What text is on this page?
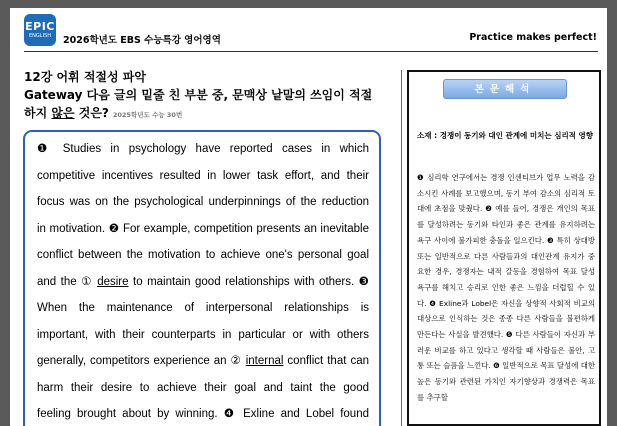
EPIC
ENGLISH	2026학년도 EBS 수능특강 영어영역	Practice makes perfect!
12강 어휘 적절성 파악
Gateway 다음 글의 밑줄 친 부분 중, 문맥상 낱말의 쓰임이 적절
하지 않은 것은? 2025학년도 수능 30번

❶ Studies in psychology have reported cases in which

competitive incentives resulted in lower task effort, and their

focus was on the psychological underpinnings of the reduction

in motivation. ❷ For example, competition presents an inevitable

conflict between the motivation to achieve one's personal goal

and the ① desire to maintain good relationships with others. ❸

When the maintenance of interpersonal relationships is

important, with their counterparts in particular or with others

generally, competitors experience an ② internal conflict that can

harm their desire to achieve their goal and taint the good

feeling brought about by winning. ❹ Exline and Lobel found

본문해석
소재 : 경쟁이 동기와 대인 관계에 미치는 심리적 영향
❶ 심리학 연구에서는 경쟁 인센티브가 업무 노력을 감소시킨 사례를 보고했으며, 동기 부여 감소의 심리적 토대에 초점을 맞췄다. ❷ 예를 들어, 경쟁은 개인의 목표를 달성하려는 동기와 타인과 좋은 관계를 유지하려는 욕구 사이에 불가피한 충돌을 일으킨다. ❸ 특히 상대방 또는 일반적으로 다른 사람들과의 대인관계 유지가 중요한 경우, 경쟁자는 내적 갈등을 경험하여 목표 달성 욕구를 해치고 승리로 인한 좋은 느낌을 더럽힐 수 있다. ❹ Exline과 Lobel은 자신을 상향적 사회적 비교의 대상으로 인식하는 것은 종종 다른 사람들을 불편하게 만든다는 사실을 발견했다. ❺ 다른 사람들이 자신과 부러운 비교를 하고 있다고 생각할 때 사람들은 불안, 고통 또는 슬픔을 느낀다. ❻ 일반적으로 목표 달성에 대한 높은 동기와 관련된 가치인 자기향상과 경쟁력은 목표를 추구할
